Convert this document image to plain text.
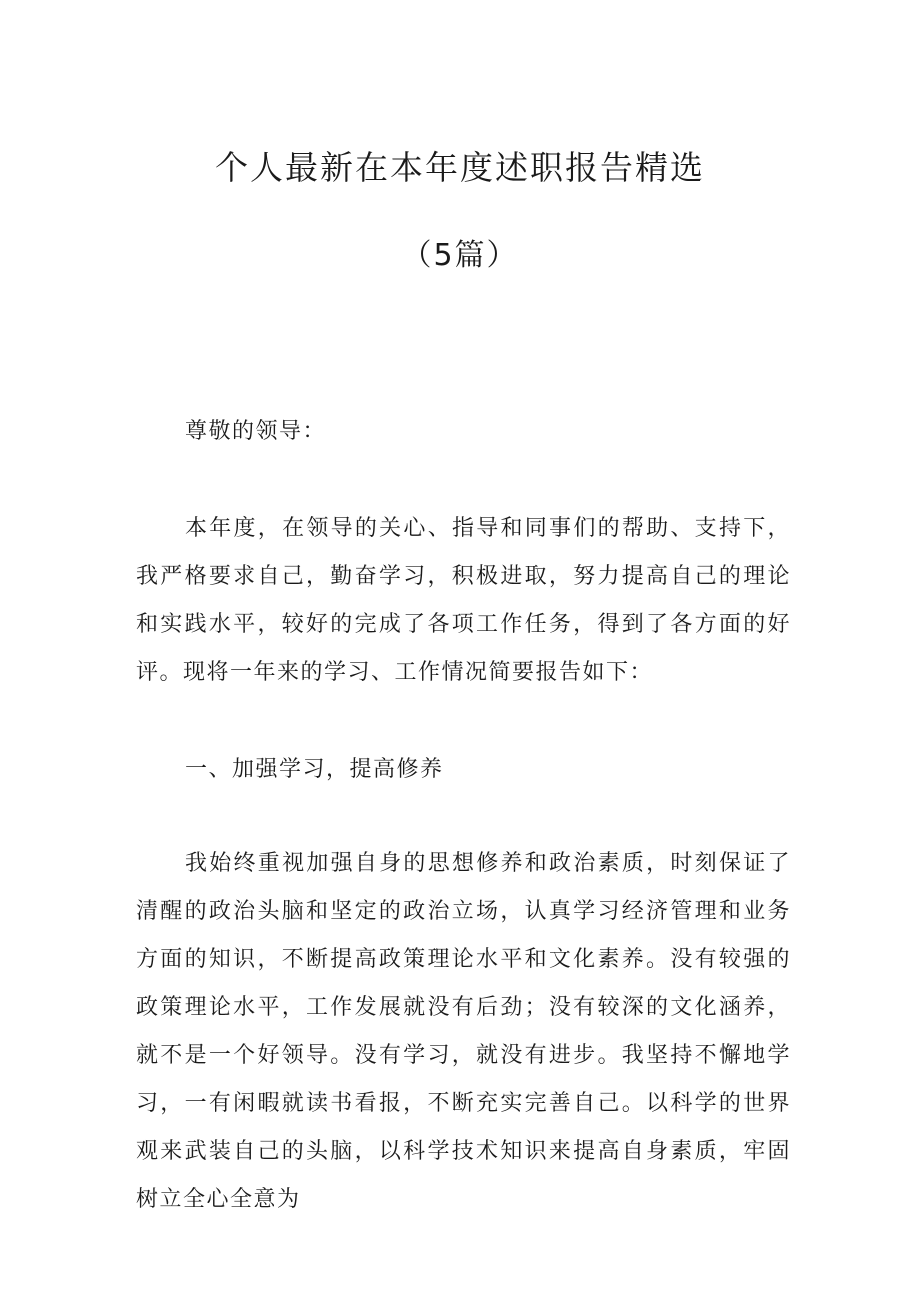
个人最新在本年度述职报告精选
（5篇）

尊敬的领导：

本年度，在领导的关心、指导和同事们的帮助、支持下，我严格要求自己，勤奋学习，积极进取，努力提高自己的理论和实践水平，较好的完成了各项工作任务，得到了各方面的好评。现将一年来的学习、工作情况简要报告如下：

一、加强学习，提高修养

我始终重视加强自身的思想修养和政治素质，时刻保证了清醒的政治头脑和坚定的政治立场，认真学习经济管理和业务方面的知识，不断提高政策理论水平和文化素养。没有较强的政策理论水平，工作发展就没有后劲；没有较深的文化涵养，就不是一个好领导。没有学习，就没有进步。我坚持不懈地学习，一有闲暇就读书看报，不断充实完善自己。以科学的世界观来武装自己的头脑，以科学技术知识来提高自身素质，牢固树立全心全意为
